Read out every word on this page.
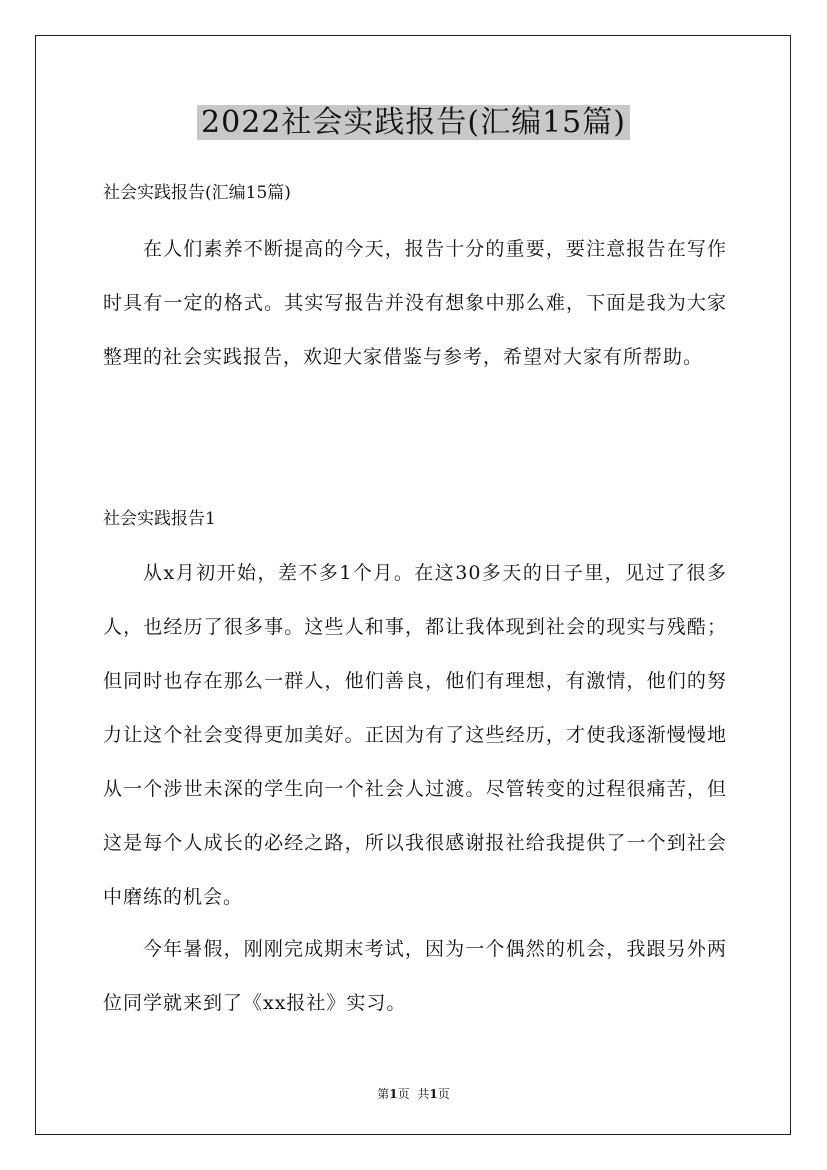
2022社会实践报告(汇编15篇)
社会实践报告(汇编15篇)

在人们素养不断提高的今天，报告十分的重要，要注意报告在写作时具有一定的格式。其实写报告并没有想象中那么难，下面是我为大家整理的社会实践报告，欢迎大家借鉴与参考，希望对大家有所帮助。

社会实践报告1

从x月初开始，差不多1个月。在这30多天的日子里，见过了很多人，也经历了很多事。这些人和事，都让我体现到社会的现实与残酷；但同时也存在那么一群人，他们善良，他们有理想，有激情，他们的努力让这个社会变得更加美好。正因为有了这些经历，才使我逐渐慢慢地从一个涉世未深的学生向一个社会人过渡。尽管转变的过程很痛苦，但这是每个人成长的必经之路，所以我很感谢报社给我提供了一个到社会中磨练的机会。

今年暑假，刚刚完成期末考试，因为一个偶然的机会，我跟另外两位同学就来到了《xx报社》实习。

第1页 共1页
